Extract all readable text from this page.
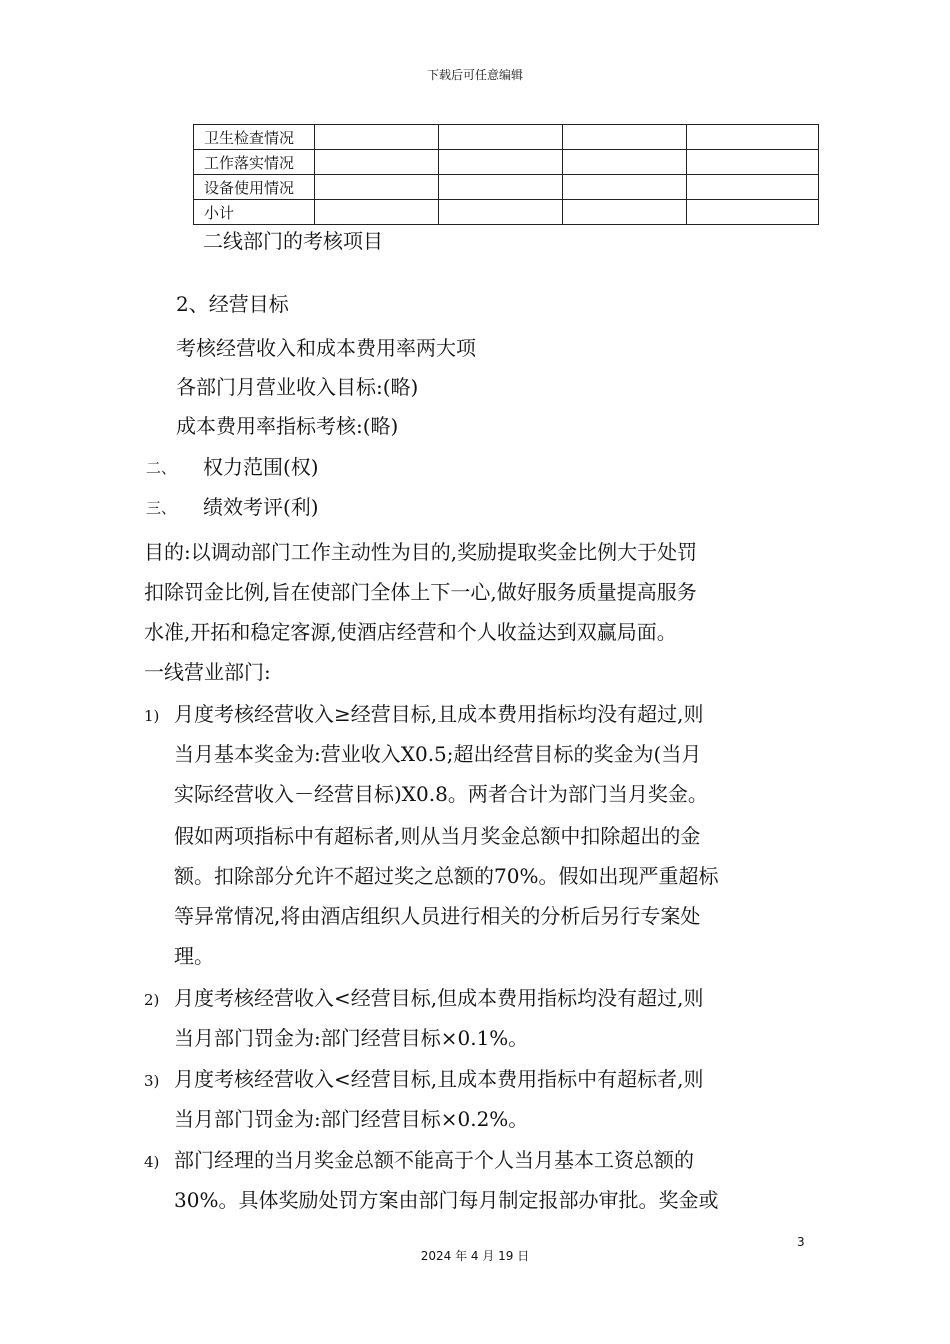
下载后可任意编辑
卫生检查情况				
工作落实情况				
设备使用情况				
小计				
二线部门的考核项目
2、经营目标
考核经营收入和成本费用率两大项
各部门月营业收入目标:(略)
成本费用率指标考核:(略)
二、 权力范围(权)
三、 绩效考评(利)
目的:以调动部门工作主动性为目的,奖励提取奖金比例大于处罚
扣除罚金比例,旨在使部门全体上下一心,做好服务质量提高服务
水准,开拓和稳定客源,使酒店经营和个人收益达到双赢局面。
一线营业部门:
1) 月度考核经营收入≥经营目标,且成本费用指标均没有超过,则
当月基本奖金为:营业收入X0.5;超出经营目标的奖金为(当月
实际经营收入－经营目标)X0.8。两者合计为部门当月奖金。
假如两项指标中有超标者,则从当月奖金总额中扣除超出的金
额。扣除部分允许不超过奖之总额的70%。假如出现严重超标
等异常情况,将由酒店组织人员进行相关的分析后另行专案处
理。
2) 月度考核经营收入<经营目标,但成本费用指标均没有超过,则
当月部门罚金为:部门经营目标×0.1%。
3) 月度考核经营收入<经营目标,且成本费用指标中有超标者,则
当月部门罚金为:部门经营目标×0.2%。
4) 部门经理的当月奖金总额不能高于个人当月基本工资总额的
30%。具体奖励处罚方案由部门每月制定报部办审批。奖金或
3
2024 年 4 月 19 日
